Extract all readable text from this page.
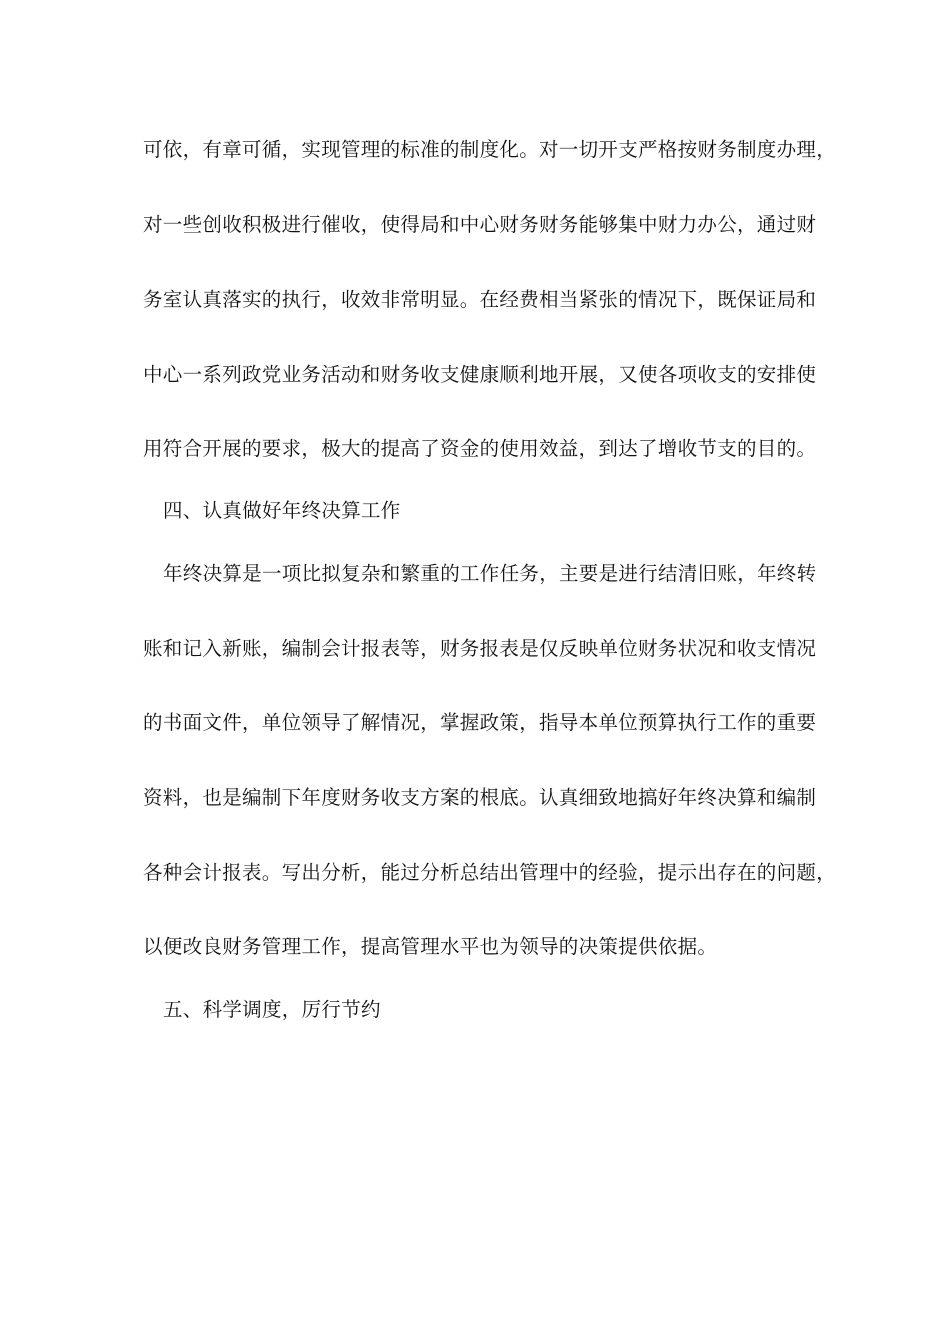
可依，有章可循，实现管理的标准的制度化。对一切开支严格按财务制度办理，
对一些创收积极进行催收，使得局和中心财务财务能够集中财力办公，通过财
务室认真落实的执行，收效非常明显。在经费相当紧张的情况下，既保证局和
中心一系列政党业务活动和财务收支健康顺利地开展，又使各项收支的安排使
用符合开展的要求，极大的提高了资金的使用效益，到达了增收节支的目的。
四、认真做好年终决算工作
年终决算是一项比拟复杂和繁重的工作任务，主要是进行结清旧账，年终转
账和记入新账，编制会计报表等，财务报表是仅反映单位财务状况和收支情况
的书面文件，单位领导了解情况，掌握政策，指导本单位预算执行工作的重要
资料，也是编制下年度财务收支方案的根底。认真细致地搞好年终决算和编制
各种会计报表。写出分析，能过分析总结出管理中的经验，提示出存在的问题，
以便改良财务管理工作，提高管理水平也为领导的决策提供依据。
五、科学调度，厉行节约
